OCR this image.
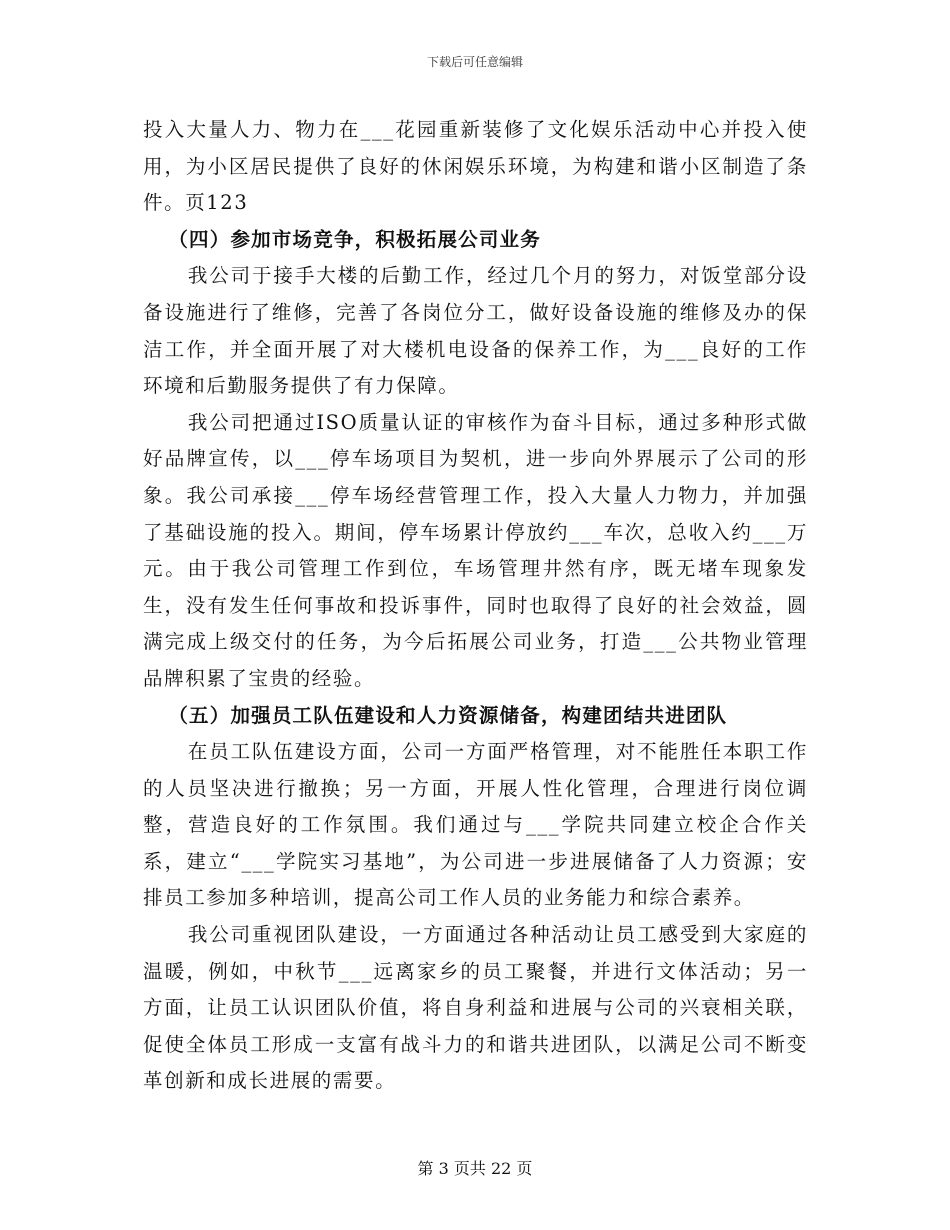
下载后可任意编辑

投入大量人力、物力在___花园重新装修了文化娱乐活动中心并投入使用，为小区居民提供了良好的休闲娱乐环境，为构建和谐小区制造了条件。页123

（四）参加市场竞争，积极拓展公司业务

我公司于接手大楼的后勤工作，经过几个月的努力，对饭堂部分设备设施进行了维修，完善了各岗位分工，做好设备设施的维修及办的保洁工作，并全面开展了对大楼机电设备的保养工作，为___良好的工作环境和后勤服务提供了有力保障。

我公司把通过ISO质量认证的审核作为奋斗目标，通过多种形式做好品牌宣传，以___停车场项目为契机，进一步向外界展示了公司的形象。我公司承接___停车场经营管理工作，投入大量人力物力，并加强了基础设施的投入。期间，停车场累计停放约___车次，总收入约___万元。由于我公司管理工作到位，车场管理井然有序，既无堵车现象发生，没有发生任何事故和投诉事件，同时也取得了良好的社会效益，圆满完成上级交付的任务，为今后拓展公司业务，打造___公共物业管理品牌积累了宝贵的经验。

（五）加强员工队伍建设和人力资源储备，构建团结共进团队

在员工队伍建设方面，公司一方面严格管理，对不能胜任本职工作的人员坚决进行撤换；另一方面，开展人性化管理，合理进行岗位调整，营造良好的工作氛围。我们通过与___学院共同建立校企合作关系，建立“___学院实习基地”，为公司进一步进展储备了人力资源；安排员工参加多种培训，提高公司工作人员的业务能力和综合素养。

我公司重视团队建设，一方面通过各种活动让员工感受到大家庭的温暖，例如，中秋节___远离家乡的员工聚餐，并进行文体活动；另一方面，让员工认识团队价值，将自身利益和进展与公司的兴衰相关联，促使全体员工形成一支富有战斗力的和谐共进团队，以满足公司不断变革创新和成长进展的需要。

第 3 页共 22 页
